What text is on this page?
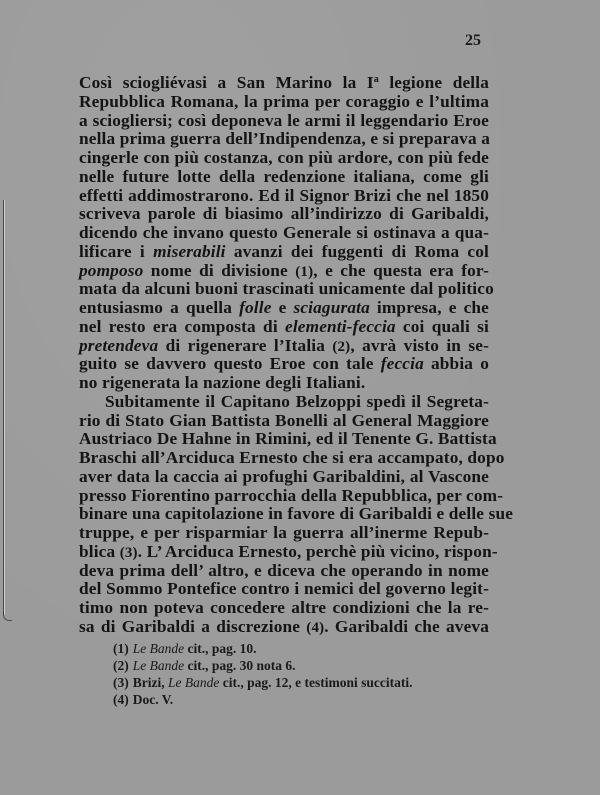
25
Così sciogliévasi a San Marino la $I^a$ legione della
Repubblica Romana, la prima per coraggio e l’ultima
a sciogliersi; così deponeva le armi il leggendario Eroe
nella prima guerra dell’Indipendenza, e si preparava a
cingerle con più costanza, con più ardore, con più fede
nelle future lotte della redenzione italiana, come gli
effetti addimostrarono. Ed il Signor Brizi che nel 1850
scriveva parole di biasimo all’indirizzo di Garibaldi,
dicendo che invano questo Generale si ostinava a qua-
lificare i miserabili avanzi dei fuggenti di Roma col
pomposo nome di divisione (1), e che questa era for-
mata da alcuni buoni trascinati unicamente dal politico
entusiasmo a quella folle e sciagurata impresa, e che
nel resto era composta di elementi-feccia coi quali si
pretendeva di rigenerare l’Italia (2), avrà visto in se-
guito se davvero questo Eroe con tale feccia abbia o
no rigenerata la nazione degli Italiani.
Subitamente il Capitano Belzoppi spedì il Segreta-
rio di Stato Gian Battista Bonelli al General Maggiore
Austriaco De Hahne in Rimini, ed il Tenente G. Battista
Braschi all’Arciduca Ernesto che si era accampato, dopo
aver data la caccia ai profughi Garibaldini, al Vascone
presso Fiorentino parrocchia della Repubblica, per com-
binare una capitolazione in favore di Garibaldi e delle sue
truppe, e per risparmiar la guerra all’inerme Repub-
blica (3). L’ Arciduca Ernesto, perchè più vicino, rispon-
deva prima dell’ altro, e diceva che operando in nome
del Sommo Pontefice contro i nemici del governo legit-
timo non poteva concedere altre condizioni che la re-
sa di Garibaldi a discrezione (4). Garibaldi che aveva
(1) Le Bande cit., pag. 10.
(2) Le Bande cit., pag. 30 nota 6.
(3) Brizi, Le Bande cit., pag. 12, e testimoni succitati.
(4) Doc. V.
